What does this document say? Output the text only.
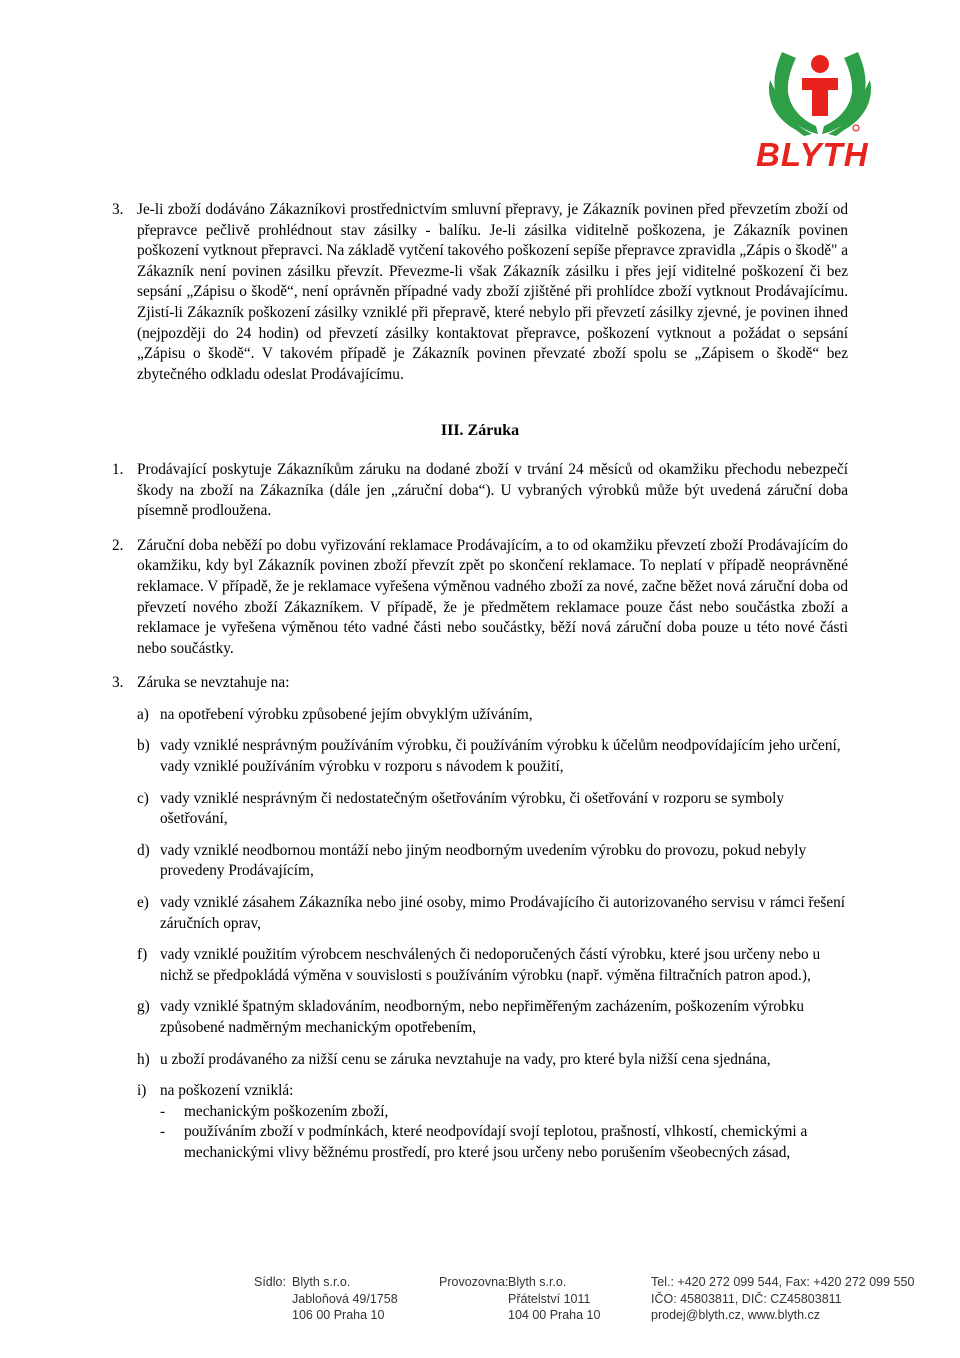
BLYTH
3. Je-li zboží dodáváno Zákazníkovi prostřednictvím smluvní přepravy, je Zákazník povinen před převzetím zboží od přepravce pečlivě prohlédnout stav zásilky - balíku. Je-li zásilka viditelně poškozena, je Zákazník povinen poškození vytknout přepravci. Na základě vytčení takového poškození sepíše přepravce zpravidla „Zápis o škodě" a Zákazník není povinen zásilku převzít. Převezme-li však Zákazník zásilku i přes její viditelné poškození či bez sepsání „Zápisu o škodě“, není oprávněn případné vady zboží zjištěné při prohlídce zboží vytknout Prodávajícímu. Zjistí-li Zákazník poškození zásilky vzniklé při přepravě, které nebylo při převzetí zásilky zjevné, je povinen ihned (nejpozději do 24 hodin) od převzetí zásilky kontaktovat přepravce, poškození vytknout a požádat o sepsání „Zápisu o škodě“. V takovém případě je Zákazník povinen převzaté zboží spolu se „Zápisem o škodě“ bez zbytečného odkladu odeslat Prodávajícímu.
III. Záruka
1. Prodávající poskytuje Zákazníkům záruku na dodané zboží v trvání 24 měsíců od okamžiku přechodu nebezpečí škody na zboží na Zákazníka (dále jen „záruční doba“). U vybraných výrobků může být uvedená záruční doba písemně prodloužena.
2. Záruční doba neběží po dobu vyřizování reklamace Prodávajícím, a to od okamžiku převzetí zboží Prodávajícím do okamžiku, kdy byl Zákazník povinen zboží převzít zpět po skončení reklamace. To neplatí v případě neoprávněné reklamace. V případě, že je reklamace vyřešena výměnou vadného zboží za nové, začne běžet nová záruční doba od převzetí nového zboží Zákazníkem. V případě, že je předmětem reklamace pouze část nebo součástka zboží a reklamace je vyřešena výměnou této vadné části nebo součástky, běží nová záruční doba pouze u této nové části nebo součástky.
3. Záruka se nevztahuje na:
a) na opotřebení výrobku způsobené jejím obvyklým užíváním,
b) vady vzniklé nesprávným používáním výrobku, či používáním výrobku k účelům neodpovídajícím jeho určení, vady vzniklé používáním výrobku v rozporu s návodem k použití,
c) vady vzniklé nesprávným či nedostatečným ošetřováním výrobku, či ošetřování v rozporu se symboly ošetřování,
d) vady vzniklé neodbornou montáží nebo jiným neodborným uvedením výrobku do provozu, pokud nebyly provedeny Prodávajícím,
e) vady vzniklé zásahem Zákazníka nebo jiné osoby, mimo Prodávajícího či autorizovaného servisu v rámci řešení záručních oprav,
f) vady vzniklé použitím výrobcem neschválených či nedoporučených částí výrobku, které jsou určeny nebo u nichž se předpokládá výměna v souvislosti s používáním výrobku (např. výměna filtračních patron apod.),
g) vady vzniklé špatným skladováním, neodborným, nebo nepřiměřeným zacházením, poškozením výrobku způsobené nadměrným mechanickým opotřebením,
h) u zboží prodávaného za nižší cenu se záruka nevztahuje na vady, pro které byla nižší cena sjednána,
i) na poškození vzniklá:
-	mechanickým poškozením zboží,
-	používáním zboží v podmínkách, které neodpovídají svojí teplotou, prašností, vlhkostí, chemickými a mechanickými vlivy běžnému prostředí, pro které jsou určeny nebo porušením všeobecných zásad,
Sídlo: Blyth s.r.o.
Jabloňová 49/1758
106 00 Praha 10
Provozovna: Blyth s.r.o.
Přátelství 1011
104 00 Praha 10
Tel.: +420 272 099 544, Fax: +420 272 099 550
IČO: 45803811, DIČ: CZ45803811
prodej@blyth.cz, www.blyth.cz
